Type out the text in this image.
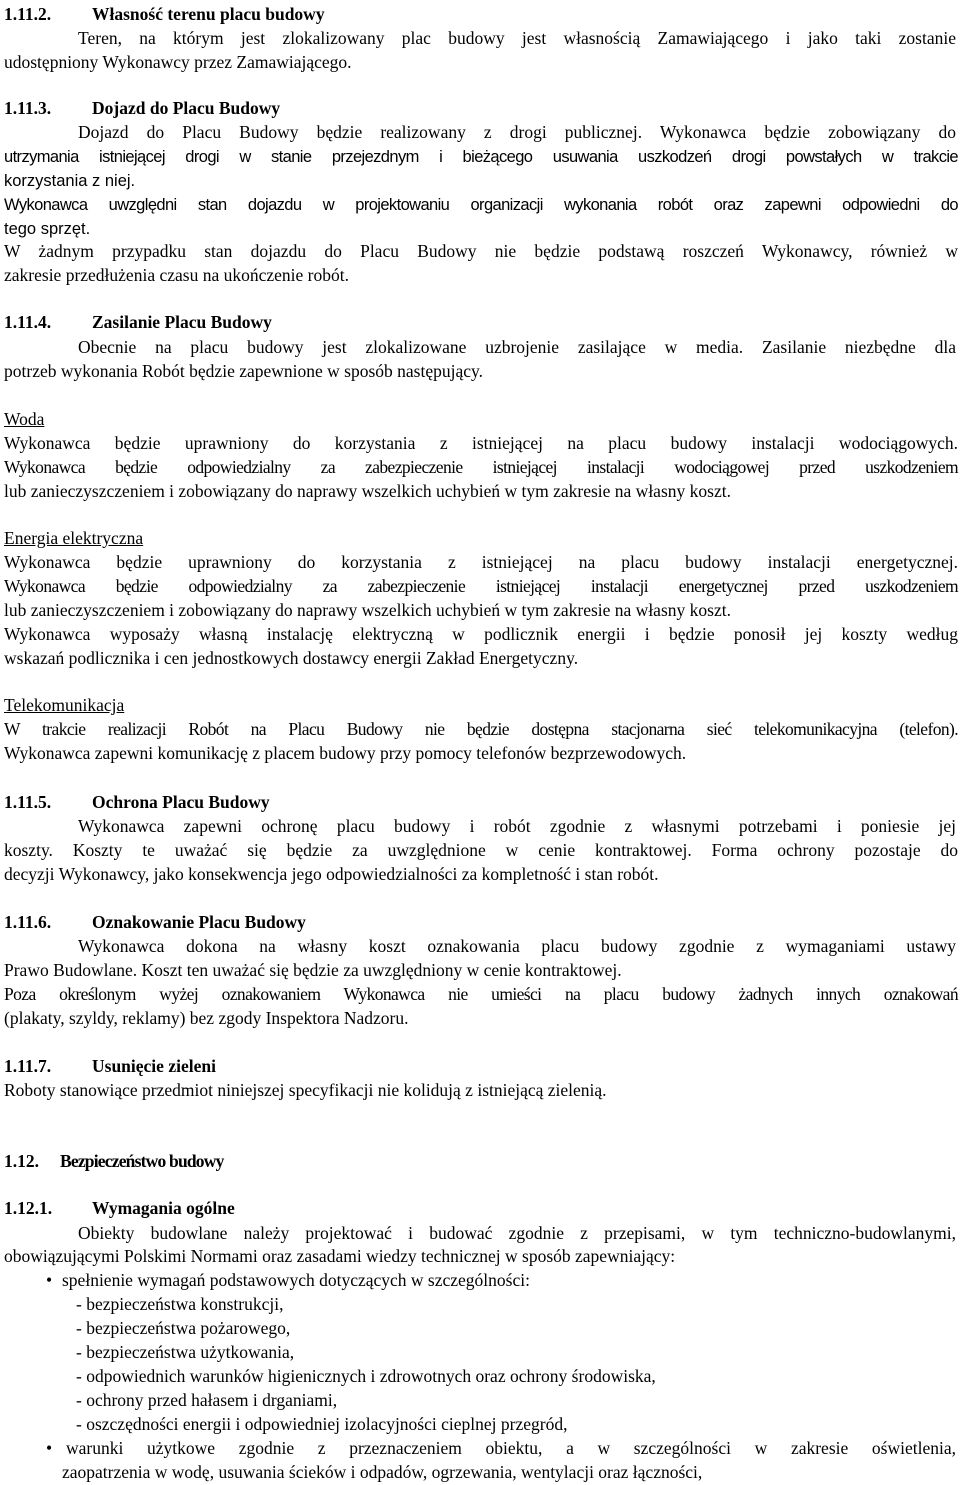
1.11.2. Własność terenu placu budowy
Teren, na którym jest zlokalizowany plac budowy jest własnością Zamawiającego i jako taki zostanie
udostępniony Wykonawcy przez Zamawiającego.
1.11.3. Dojazd do Placu Budowy
Dojazd do Placu Budowy będzie realizowany z drogi publicznej. Wykonawca będzie zobowiązany do
utrzymania istniejącej drogi w stanie przejezdnym i bieżącego usuwania uszkodzeń drogi powstałych w trakcie
korzystania z niej.
Wykonawca uwzględni stan dojazdu w projektowaniu organizacji wykonania robót oraz zapewni odpowiedni do
tego sprzęt.
W żadnym przypadku stan dojazdu do Placu Budowy nie będzie podstawą roszczeń Wykonawcy, również w
zakresie przedłużenia czasu na ukończenie robót.
1.11.4. Zasilanie Placu Budowy
Obecnie na placu budowy jest zlokalizowane uzbrojenie zasilające w media. Zasilanie niezbędne dla
potrzeb wykonania Robót będzie zapewnione w sposób następujący.
Woda
Wykonawca będzie uprawniony do korzystania z istniejącej na placu budowy instalacji wodociągowych.
Wykonawca będzie odpowiedzialny za zabezpieczenie istniejącej instalacji wodociągowej przed uszkodzeniem
lub zanieczyszczeniem i zobowiązany do naprawy wszelkich uchybień w tym zakresie na własny koszt.
Energia elektryczna
Wykonawca będzie uprawniony do korzystania z istniejącej na placu budowy instalacji energetycznej.
Wykonawca będzie odpowiedzialny za zabezpieczenie istniejącej instalacji energetycznej przed uszkodzeniem
lub zanieczyszczeniem i zobowiązany do naprawy wszelkich uchybień w tym zakresie na własny koszt.
Wykonawca wyposaży własną instalację elektryczną w podlicznik energii i będzie ponosił jej koszty według
wskazań podlicznika i cen jednostkowych dostawcy energii Zakład Energetyczny.
Telekomunikacja
W trakcie realizacji Robót na Placu Budowy nie będzie dostępna stacjonarna sieć telekomunikacyjna (telefon).
Wykonawca zapewni komunikację z placem budowy przy pomocy telefonów bezprzewodowych.
1.11.5. Ochrona Placu Budowy
Wykonawca zapewni ochronę placu budowy i robót zgodnie z własnymi potrzebami i poniesie jej
koszty. Koszty te uważać się będzie za uwzględnione w cenie kontraktowej. Forma ochrony pozostaje do
decyzji Wykonawcy, jako konsekwencja jego odpowiedzialności za kompletność i stan robót.
1.11.6. Oznakowanie Placu Budowy
Wykonawca dokona na własny koszt oznakowania placu budowy zgodnie z wymaganiami ustawy
Prawo Budowlane. Koszt ten uważać się będzie za uwzględniony w cenie kontraktowej.
Poza określonym wyżej oznakowaniem Wykonawca nie umieści na placu budowy żadnych innych oznakowań
(plakaty, szyldy, reklamy) bez zgody Inspektora Nadzoru.
1.11.7. Usunięcie zieleni
Roboty stanowiące przedmiot niniejszej specyfikacji nie kolidują z istniejącą zielenią.
1.12. Bezpieczeństwo budowy
1.12.1. Wymagania ogólne
Obiekty budowlane należy projektować i budować zgodnie z przepisami, w tym techniczno-budowlanymi,
obowiązującymi Polskimi Normami oraz zasadami wiedzy technicznej w sposób zapewniający:
• spełnienie wymagań podstawowych dotyczących w szczególności:
- bezpieczeństwa konstrukcji,
- bezpieczeństwa pożarowego,
- bezpieczeństwa użytkowania,
- odpowiednich warunków higienicznych i zdrowotnych oraz ochrony środowiska,
- ochrony przed hałasem i drganiami,
- oszczędności energii i odpowiedniej izolacyjności cieplnej przegród,
• warunki użytkowe zgodnie z przeznaczeniem obiektu, a w szczególności w zakresie oświetlenia,
zaopatrzenia w wodę, usuwania ścieków i odpadów, ogrzewania, wentylacji oraz łączności,
